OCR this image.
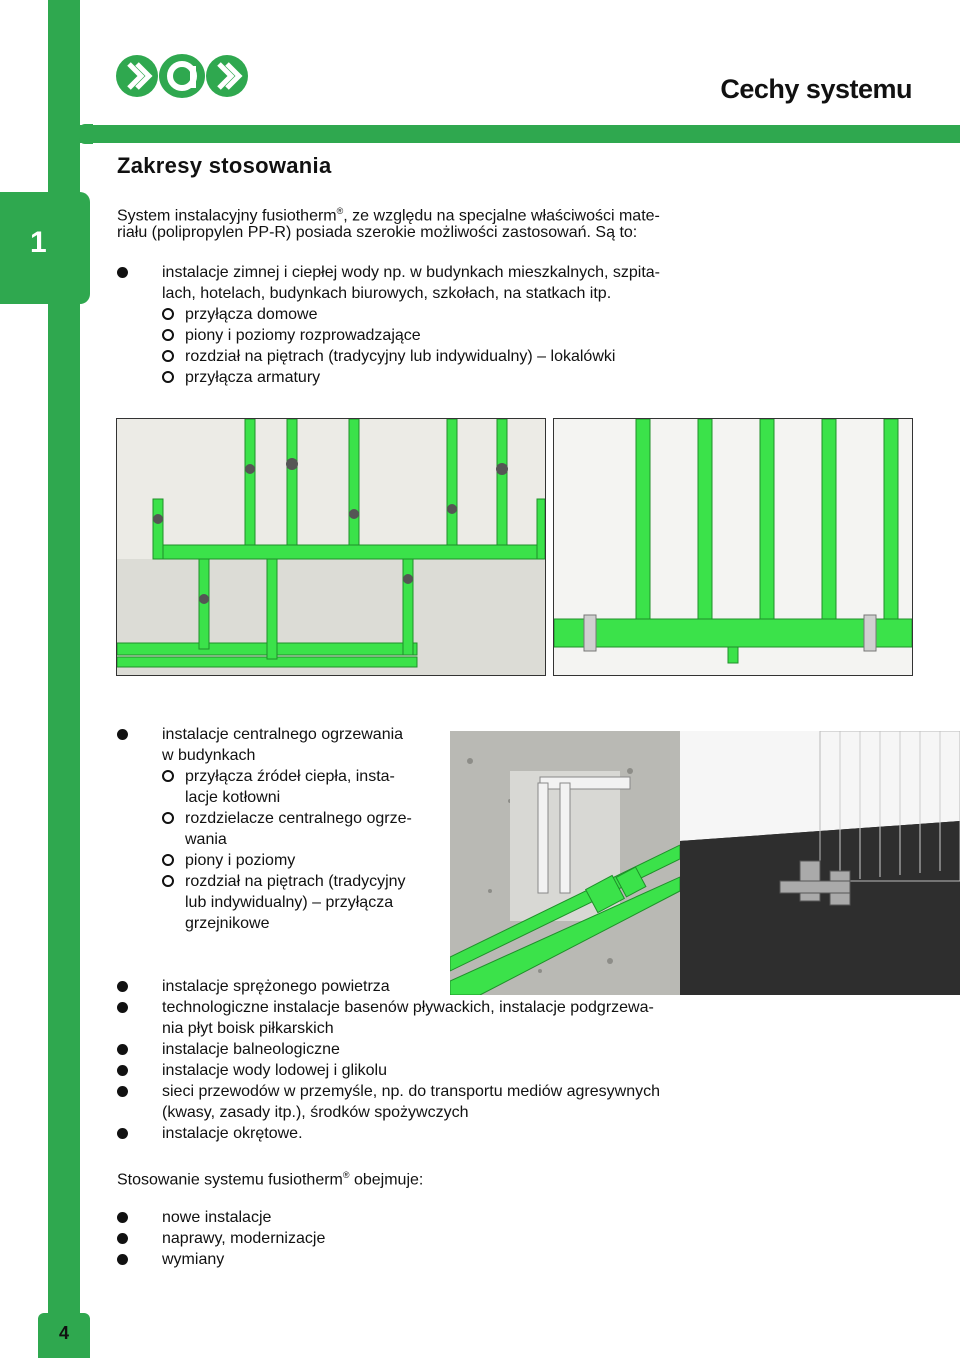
1
4
Cechy systemu
Zakresy stosowania
System instalacyjny fusiotherm®, ze względu na specjalne właściwości mate-
riału (polipropylen PP-R) posiada szerokie możliwości zastosowań. Są to:
instalacje zimnej i ciepłej wody np. w budynkach mieszkalnych, szpita-
lach, hotelach, budynkach biurowych, szkołach, na statkach itp.
przyłącza domowe
piony i poziomy rozprowadzające
rozdział na piętrach (tradycyjny lub indywidualny) – lokalówki
przyłącza armatury
instalacje centralnego ogrzewania
w budynkach
przyłącza źródeł ciepła, insta-
lacje kotłowni
rozdzielacze centralnego ogrze-
wania
piony i poziomy
rozdział na piętrach (tradycyjny
lub indywidualny) – przyłącza
grzejnikowe
instalacje sprężonego powietrza
technologiczne instalacje basenów pływackich, instalacje podgrzewa-
nia płyt boisk piłkarskich
instalacje balneologiczne
instalacje wody lodowej i glikolu
sieci przewodów w przemyśle, np. do transportu mediów agresywnych
(kwasy, zasady itp.), środków spożywczych
instalacje okrętowe.
Stosowanie systemu fusiotherm® obejmuje:
nowe instalacje
naprawy, modernizacje
wymiany
